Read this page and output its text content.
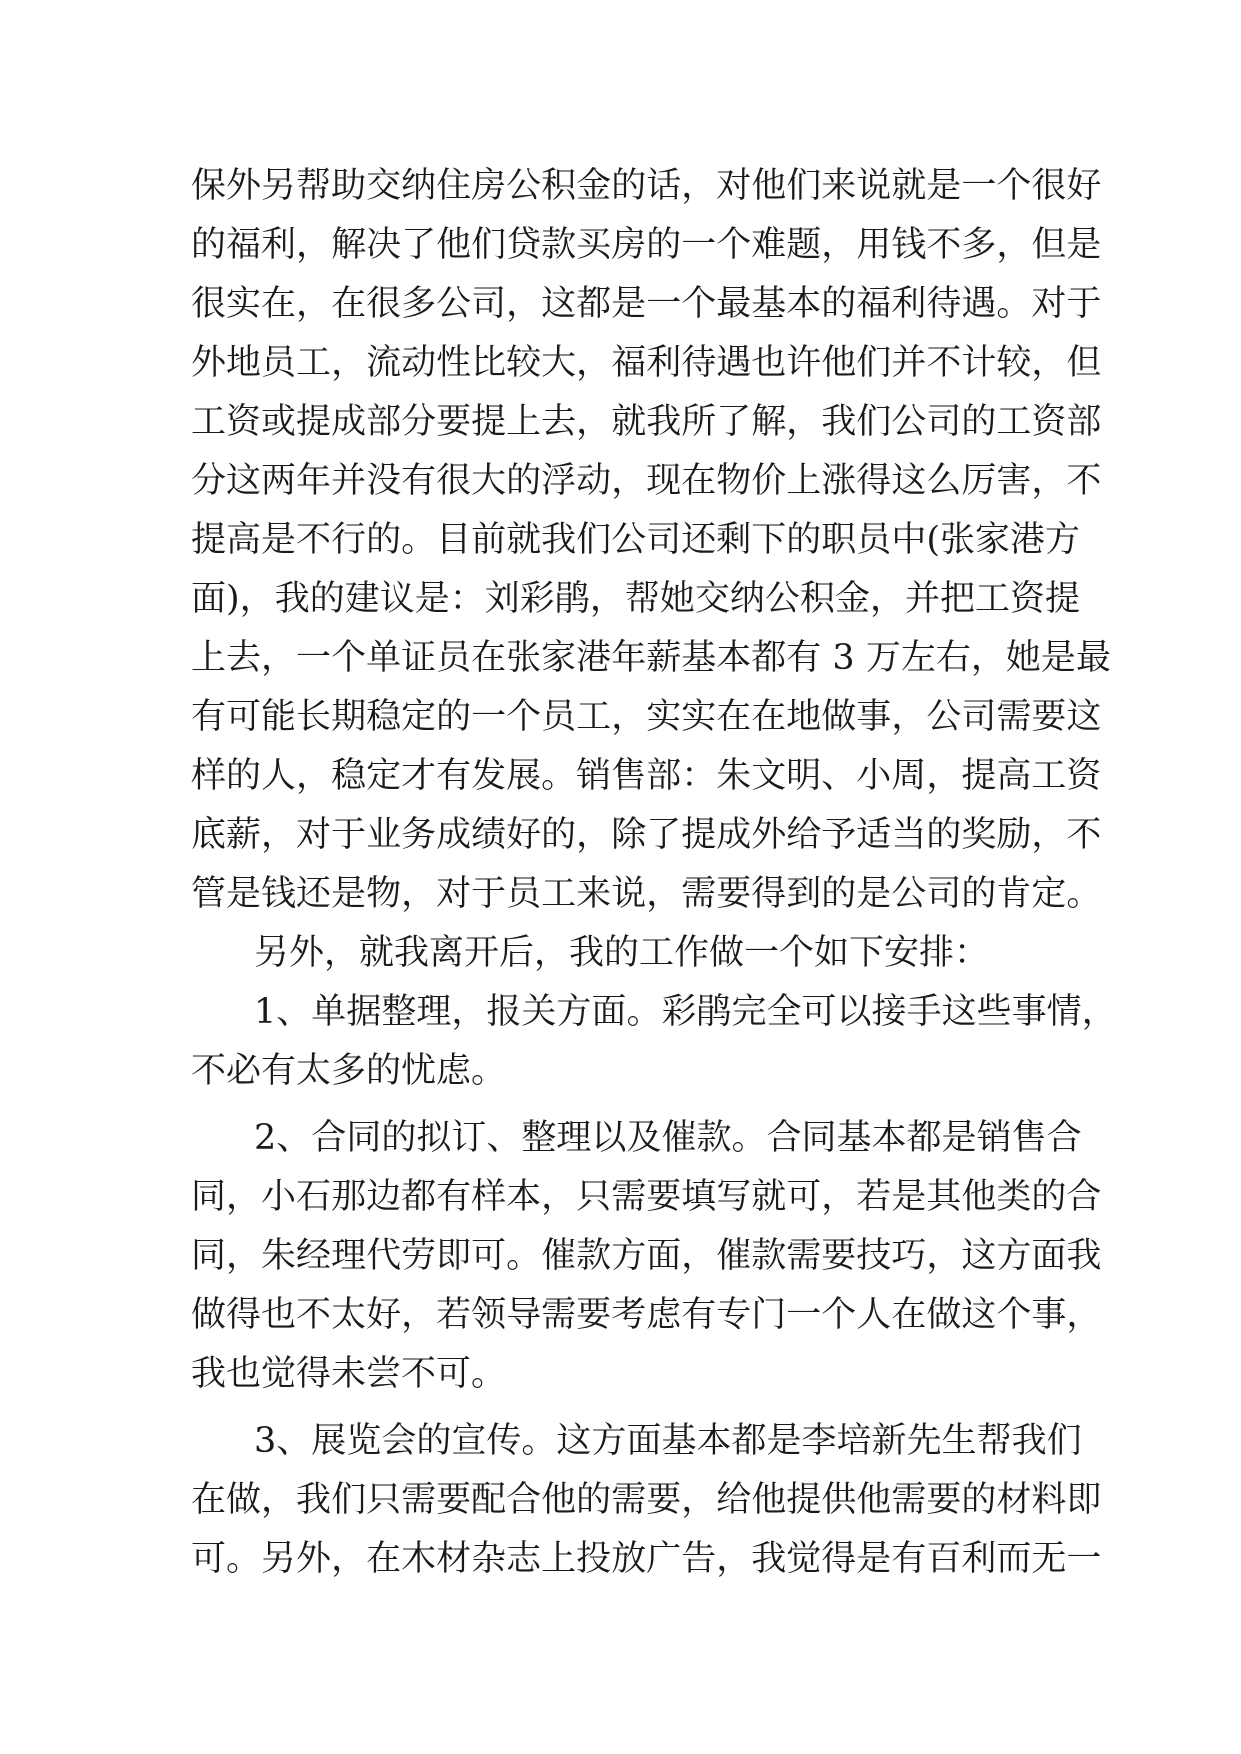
保 外 另 帮 助 交 纳 住 房 公 积 金 的 话 ， 对 他 们 来 说 就 是 一 个 很 好
的 福 利 ， 解 决 了 他 们 贷 款 买 房 的 一 个 难 题 ， 用 钱 不 多 ， 但 是
很 实 在 ， 在 很 多 公 司 ， 这 都 是 一 个 最 基 本 的 福 利 待 遇 。 对 于
外 地 员 工 ， 流 动 性 比 较 大 ， 福 利 待 遇 也 许 他 们 并 不 计 较 ， 但
工 资 或 提 成 部 分 要 提 上 去 ， 就 我 所 了 解 ， 我 们 公 司 的 工 资 部
分 这 两 年 并 没 有 很 大 的 浮 动 ， 现 在 物 价 上 涨 得 这 么 厉 害 ， 不
提 高 是 不 行 的 。 目 前 就 我 们 公 司 还 剩 下 的 职 员 中 ( 张 家 港 方
面 ) ， 我 的 建 议 是 ： 刘 彩 鹃 ， 帮 她 交 纳 公 积 金 ， 并 把 工 资 提
上 去 ， 一 个 单 证 员 在 张 家 港 年 薪 基 本 都 有
3
万 左 右 ， 她 是 最
有 可 能 长 期 稳 定 的 一 个 员 工 ， 实 实 在 在 地 做 事 ， 公 司 需 要 这
样 的 人 ， 稳 定 才 有 发 展 。 销 售 部 ： 朱 文 明 、 小 周 ， 提 高 工 资
底 薪 ， 对 于 业 务 成 绩 好 的 ， 除 了 提 成 外 给 予 适 当 的 奖 励 ， 不
管 是 钱 还 是 物 ， 对 于 员 工 来 说 ， 需 要 得 到 的 是 公 司 的 肯 定 。
另外，就我离开后，我的工作做一个如下安排：
1 、 单 据 整 理 ， 报 关 方 面 。 彩 鹃 完 全 可 以 接 手 这 些 事 情 ，
不必有太多的忧虑。
2 、 合 同 的 拟 订 、 整 理 以 及 催 款 。 合 同 基 本 都 是 销 售 合
同 ， 小 石 那 边 都 有 样 本 ， 只 需 要 填 写 就 可 ， 若 是 其 他 类 的 合
同 ， 朱 经 理 代 劳 即 可 。 催 款 方 面 ， 催 款 需 要 技 巧 ， 这 方 面 我
做 得 也 不 太 好 ， 若 领 导 需 要 考 虑 有 专 门 一 个 人 在 做 这 个 事 ，
我也觉得未尝不可。
3 、 展 览 会 的 宣 传 。 这 方 面 基 本 都 是 李 培 新 先 生 帮 我 们
在 做 ， 我 们 只 需 要 配 合 他 的 需 要 ， 给 他 提 供 他 需 要 的 材 料 即
可 。 另 外 ， 在 木 材 杂 志 上 投 放 广 告 ， 我 觉 得 是 有 百 利 而 无 一
